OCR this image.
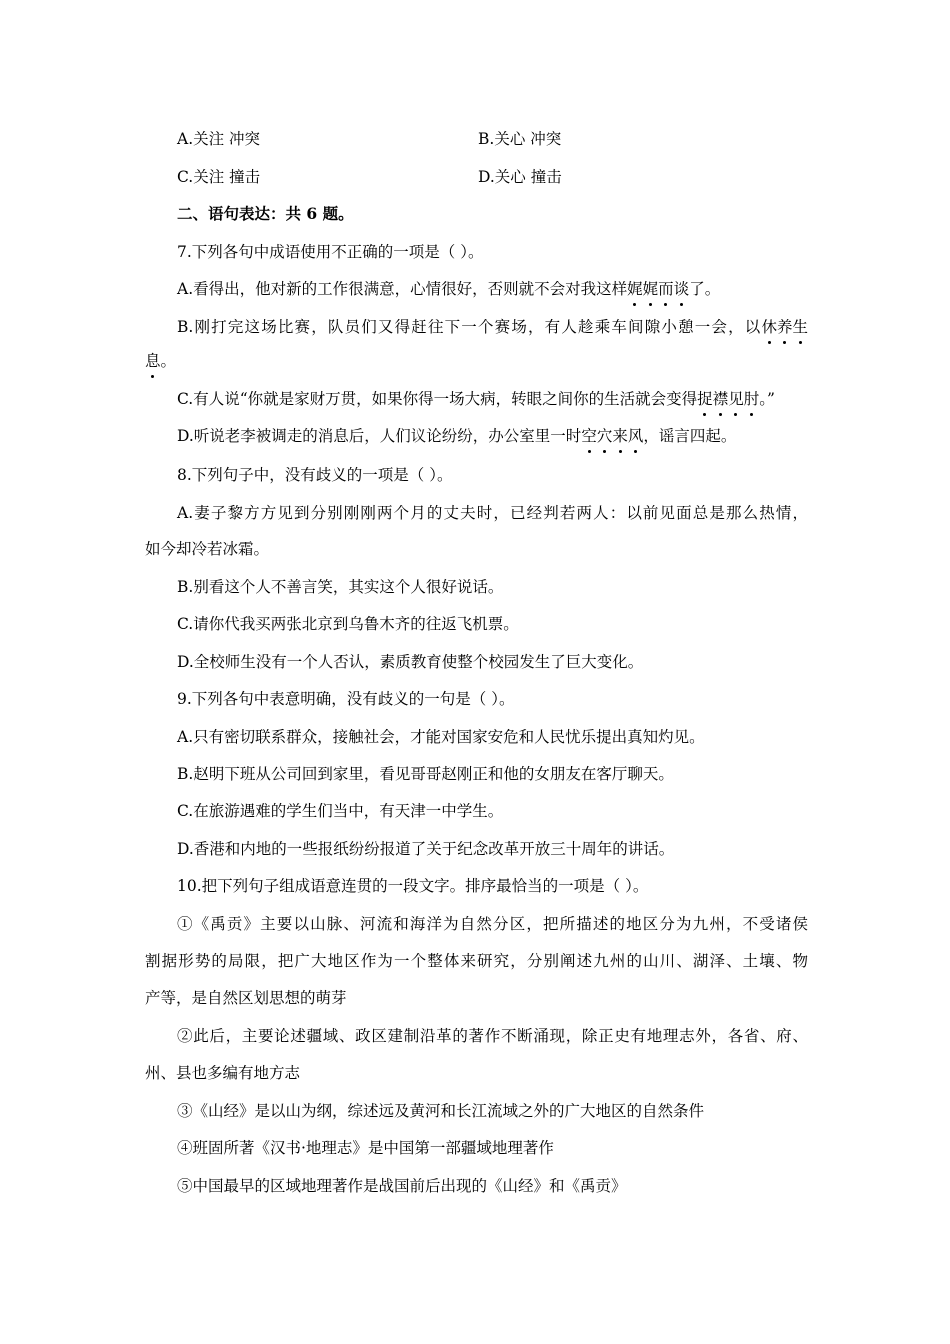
A.关注 冲突	B.关心 冲突
C.关注 撞击	D.关心 撞击
二、语句表达：共 6 题。
7.下列各句中成语使用不正确的一项是（ ）。
A.看得出，他对新的工作很满意，心情很好，否则就不会对我这样娓娓而谈了。
B.刚打完这场比赛，队员们又得赶往下一个赛场，有人趁乘车间隙小憩一会，以休养生
息。
C.有人说“你就是家财万贯，如果你得一场大病，转眼之间你的生活就会变得捉襟见肘。”
D.听说老李被调走的消息后，人们议论纷纷，办公室里一时空穴来风，谣言四起。
8.下列句子中，没有歧义的一项是（ ）。
A.妻子黎方方见到分别刚刚两个月的丈夫时，已经判若两人：以前见面总是那么热情，
如今却冷若冰霜。
B.别看这个人不善言笑，其实这个人很好说话。
C.请你代我买两张北京到乌鲁木齐的往返飞机票。
D.全校师生没有一个人否认，素质教育使整个校园发生了巨大变化。
9.下列各句中表意明确，没有歧义的一句是（ ）。
A.只有密切联系群众，接触社会，才能对国家安危和人民忧乐提出真知灼见。
B.赵明下班从公司回到家里，看见哥哥赵刚正和他的女朋友在客厅聊天。
C.在旅游遇难的学生们当中，有天津一中学生。
D.香港和内地的一些报纸纷纷报道了关于纪念改革开放三十周年的讲话。
10.把下列句子组成语意连贯的一段文字。排序最恰当的一项是（ ）。
①《禹贡》主要以山脉、河流和海洋为自然分区，把所描述的地区分为九州，不受诸侯
割据形势的局限，把广大地区作为一个整体来研究，分别阐述九州的山川、湖泽、土壤、物
产等，是自然区划思想的萌芽
②此后，主要论述疆域、政区建制沿革的著作不断涌现，除正史有地理志外，各省、府、
州、县也多编有地方志
③《山经》是以山为纲，综述远及黄河和长江流域之外的广大地区的自然条件
④班固所著《汉书·地理志》是中国第一部疆域地理著作
⑤中国最早的区域地理著作是战国前后出现的《山经》和《禹贡》
